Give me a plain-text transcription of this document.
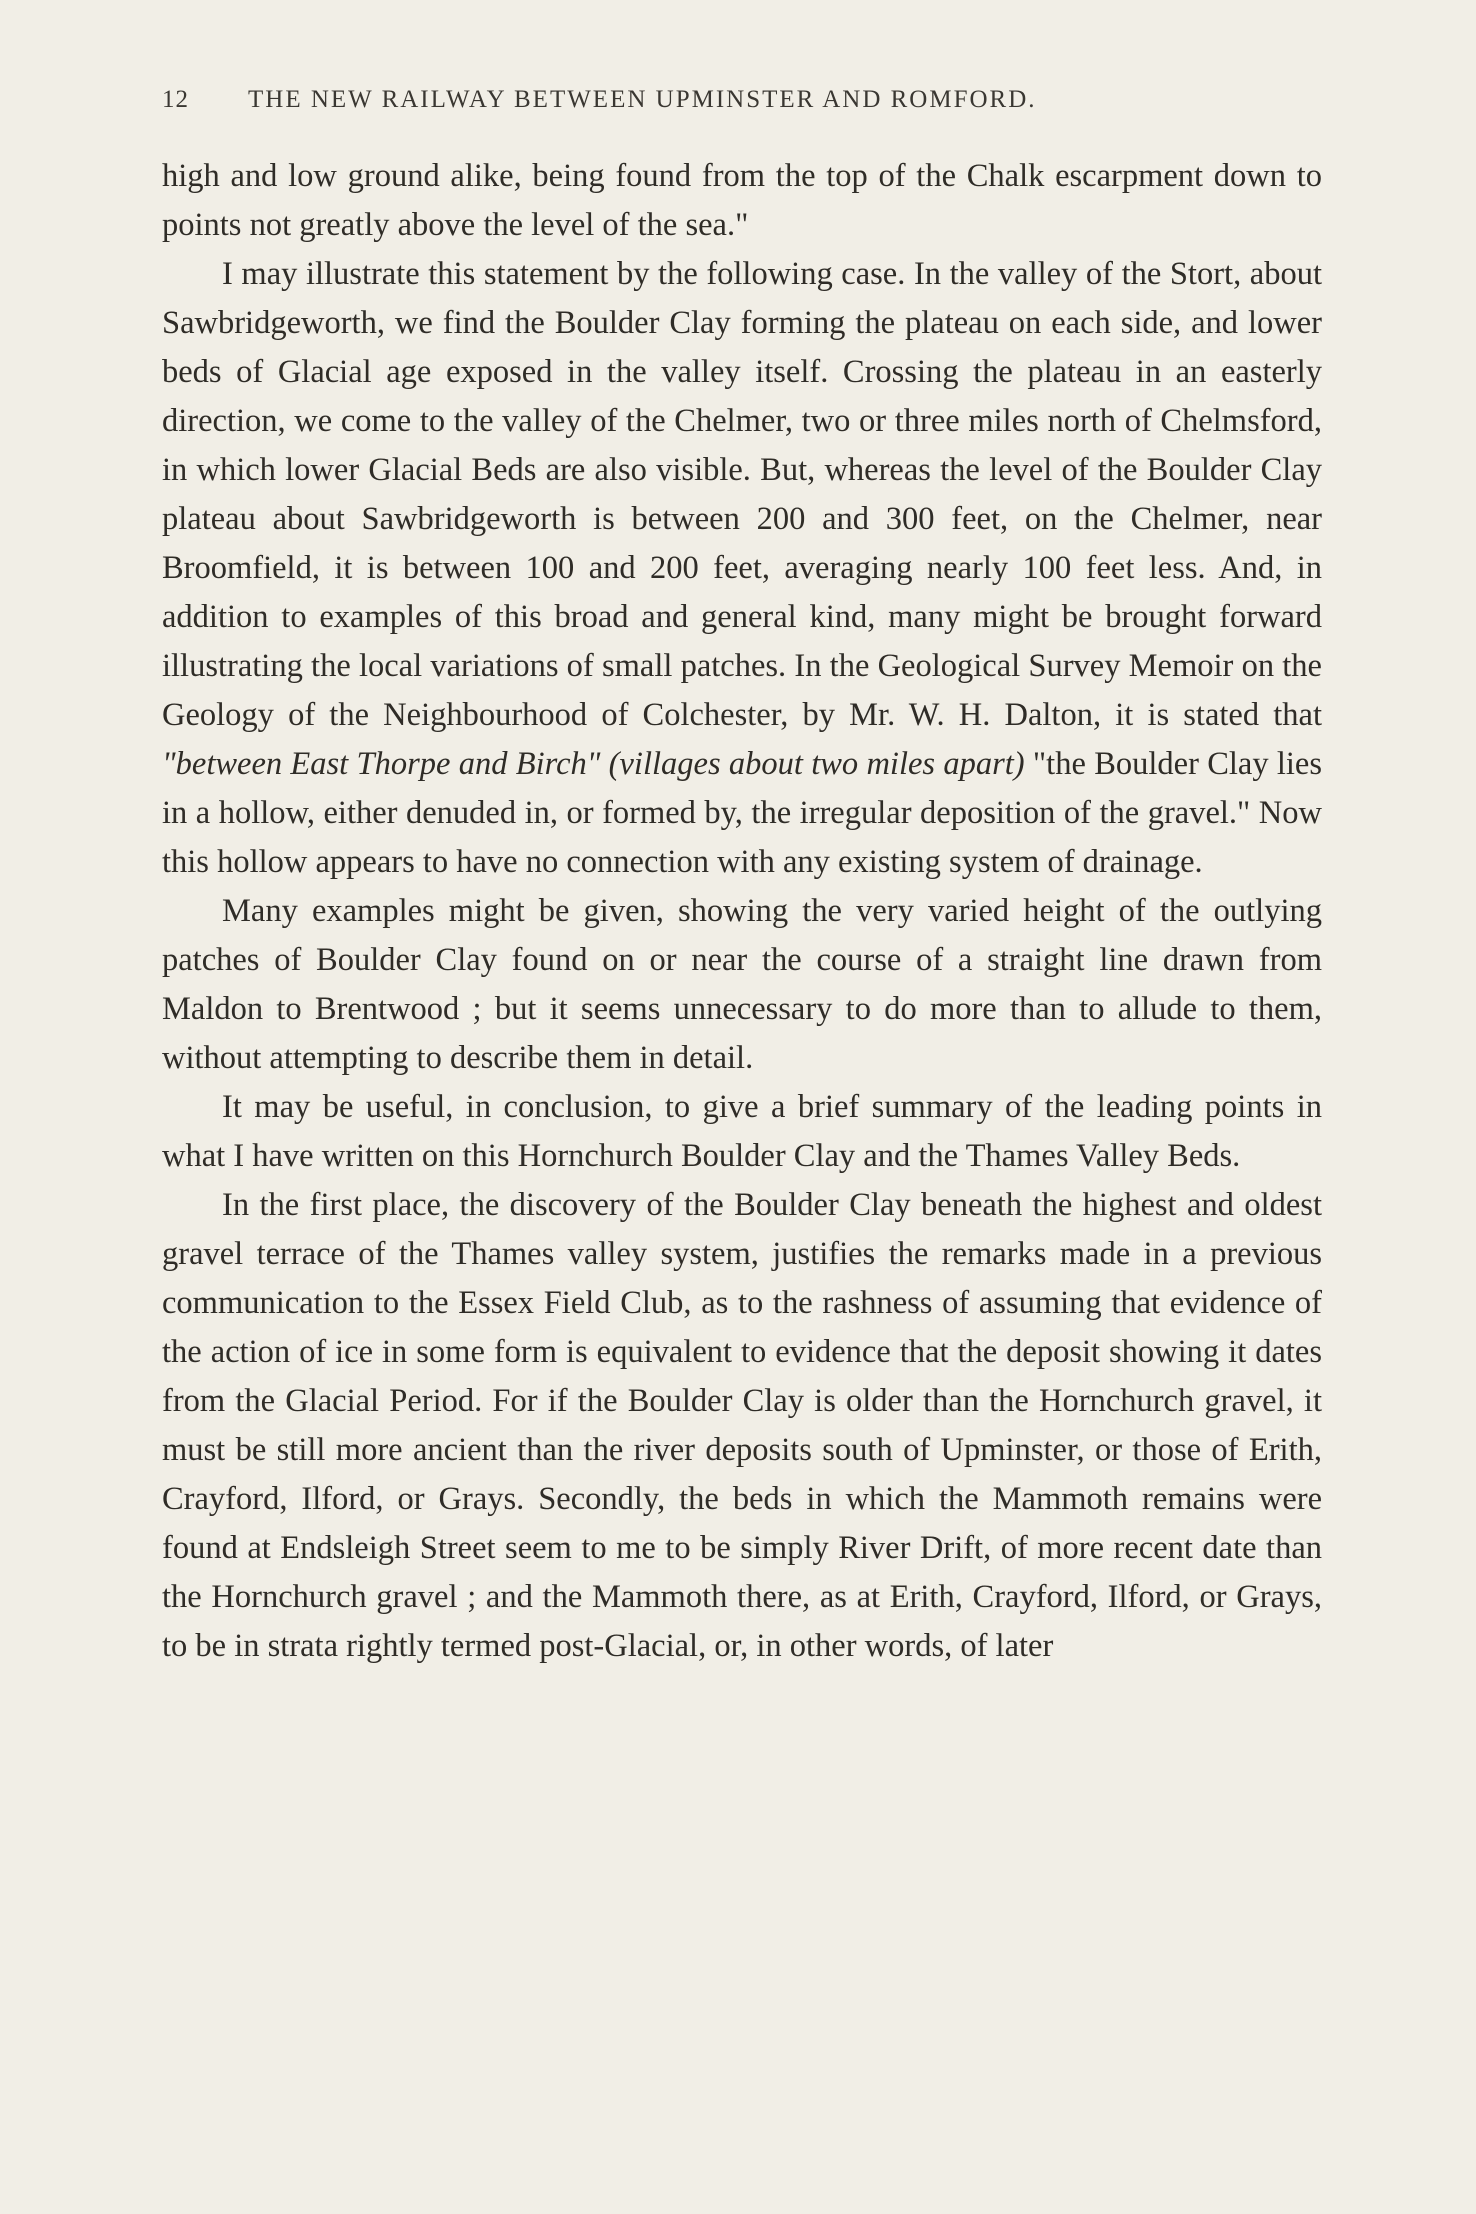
12 THE NEW RAILWAY BETWEEN UPMINSTER AND ROMFORD.

high and low ground alike, being found from the top of the Chalk escarpment down to points not greatly above the level of the sea."

I may illustrate this statement by the following case. In the valley of the Stort, about Sawbridgeworth, we find the Boulder Clay forming the plateau on each side, and lower beds of Glacial age exposed in the valley itself. Crossing the plateau in an easterly direction, we come to the valley of the Chelmer, two or three miles north of Chelmsford, in which lower Glacial Beds are also visible. But, whereas the level of the Boulder Clay plateau about Sawbridgeworth is between 200 and 300 feet, on the Chelmer, near Broomfield, it is between 100 and 200 feet, averaging nearly 100 feet less. And, in addition to examples of this broad and general kind, many might be brought forward illustrating the local variations of small patches. In the Geological Survey Memoir on the Geology of the Neighbourhood of Colchester, by Mr. W. H. Dalton, it is stated that "between East Thorpe and Birch" (villages about two miles apart) "the Boulder Clay lies in a hollow, either denuded in, or formed by, the irregular deposition of the gravel." Now this hollow appears to have no connection with any existing system of drainage.

Many examples might be given, showing the very varied height of the outlying patches of Boulder Clay found on or near the course of a straight line drawn from Maldon to Brentwood ; but it seems unnecessary to do more than to allude to them, without attempting to describe them in detail.

It may be useful, in conclusion, to give a brief summary of the leading points in what I have written on this Hornchurch Boulder Clay and the Thames Valley Beds.

In the first place, the discovery of the Boulder Clay beneath the highest and oldest gravel terrace of the Thames valley system, justifies the remarks made in a previous communication to the Essex Field Club, as to the rashness of assuming that evidence of the action of ice in some form is equivalent to evidence that the deposit showing it dates from the Glacial Period. For if the Boulder Clay is older than the Hornchurch gravel, it must be still more ancient than the river deposits south of Upminster, or those of Erith, Crayford, Ilford, or Grays. Secondly, the beds in which the Mammoth remains were found at Endsleigh Street seem to me to be simply River Drift, of more recent date than the Hornchurch gravel ; and the Mammoth there, as at Erith, Crayford, Ilford, or Grays, to be in strata rightly termed post-Glacial, or, in other words, of later
